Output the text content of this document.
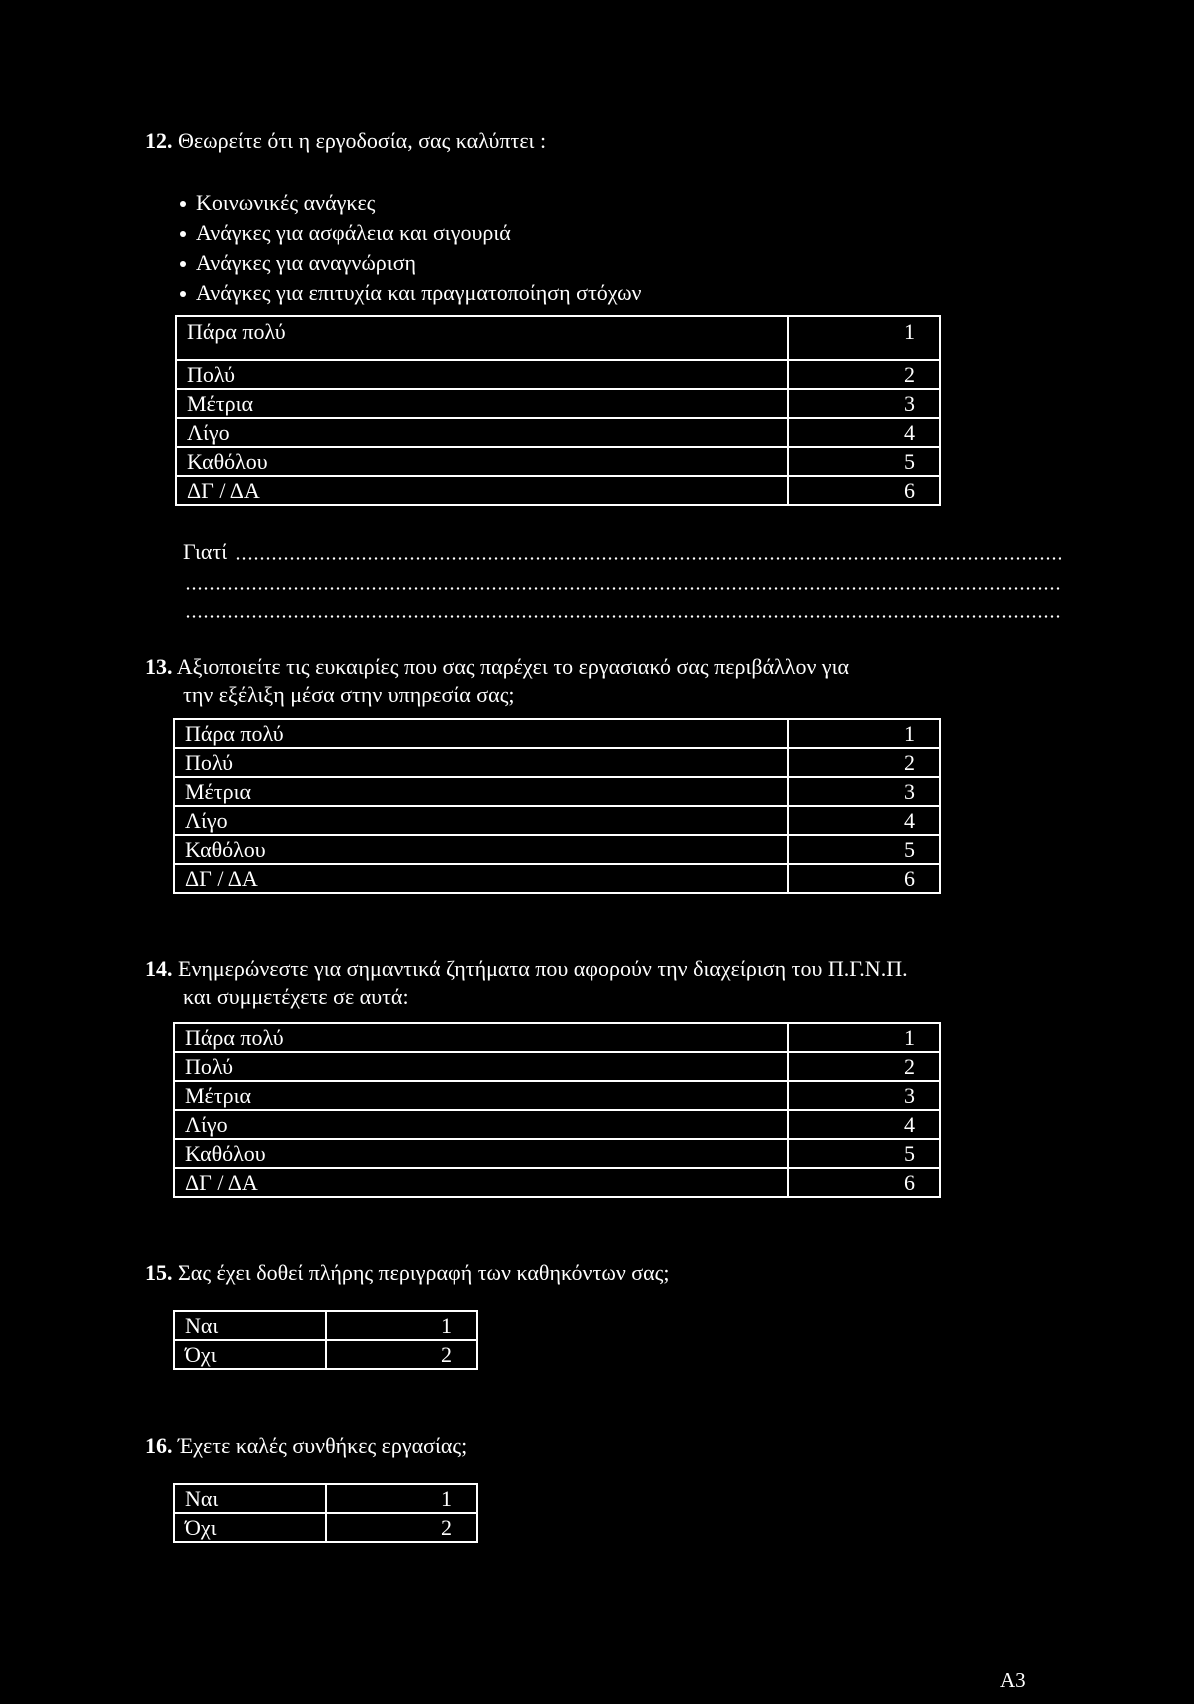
12. Θεωρείτε ότι η εργοδοσία, σας καλύπτει :
Κοινωνικές ανάγκες
Ανάγκες για ασφάλεια και σιγουριά
Ανάγκες για αναγνώριση
Ανάγκες για επιτυχία και πραγματοποίηση στόχων
Πάρα πολύ	1
Πολύ	2
Μέτρια	3
Λίγο	4
Καθόλου	5
ΔΓ / ΔΑ	6
Γιατί
13. Αξιοποιείτε τις ευκαιρίες που σας παρέχει το εργασιακό σας περιβάλλον για
την εξέλιξη μέσα στην υπηρεσία σας;
Πάρα πολύ	1
Πολύ	2
Μέτρια	3
Λίγο	4
Καθόλου	5
ΔΓ / ΔΑ	6
14. Ενημερώνεστε για σημαντικά ζητήματα που αφορούν την διαχείριση του Π.Γ.Ν.Π.
και συμμετέχετε σε αυτά:
Πάρα πολύ	1
Πολύ	2
Μέτρια	3
Λίγο	4
Καθόλου	5
ΔΓ / ΔΑ	6
15. Σας έχει δοθεί πλήρης περιγραφή των καθηκόντων σας;
Ναι	1
Όχι	2
16. Έχετε καλές συνθήκες εργασίας;
Ναι	1
Όχι	2
A3
